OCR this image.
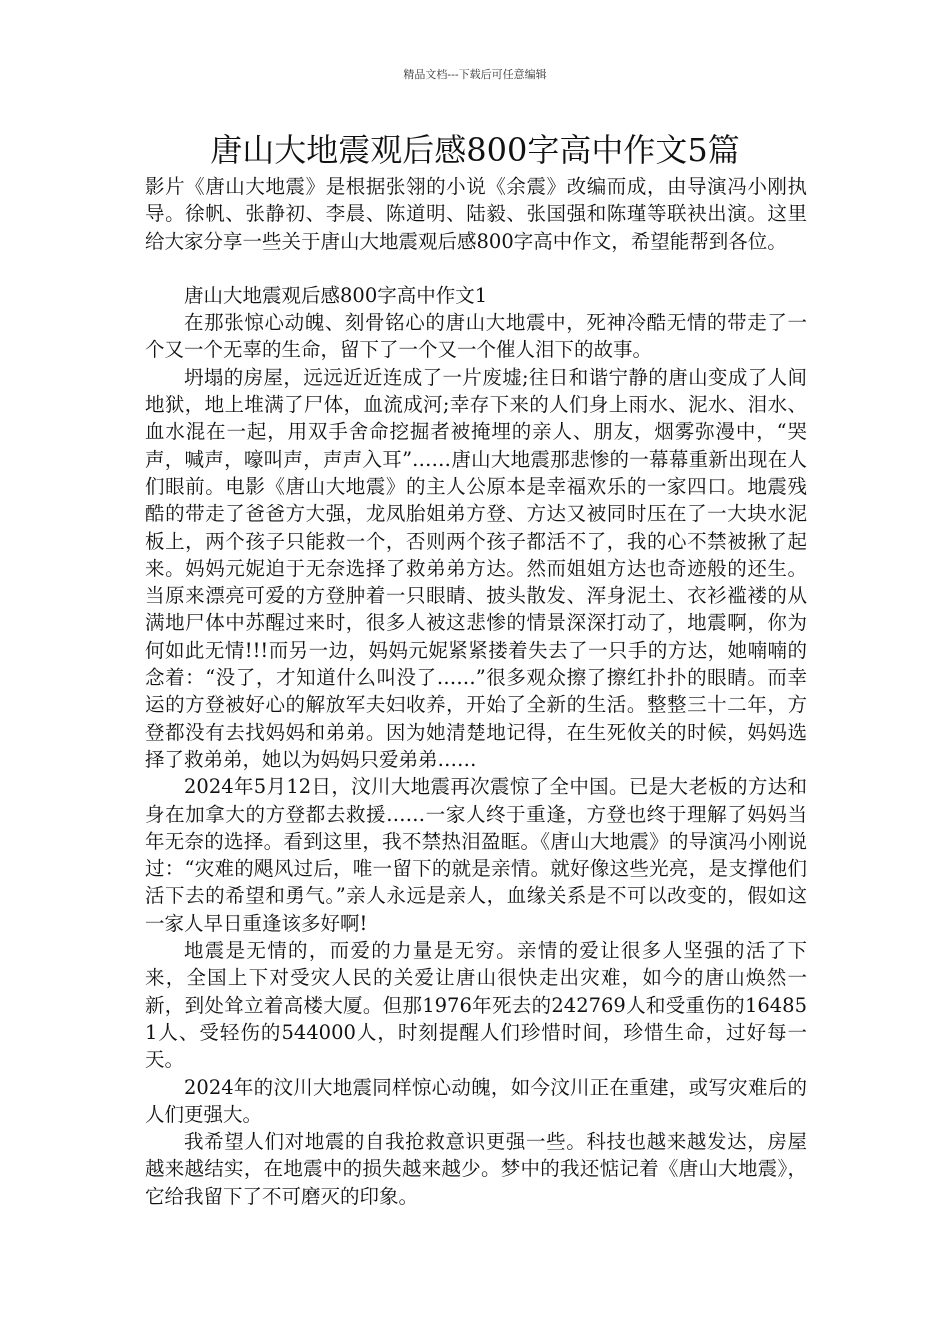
精品文档---下载后可任意编辑
唐山大地震观后感800字高中作文5篇

影片《唐山大地震》是根据张翎的小说《余震》改编而成，由导演冯小刚执导。徐帆、张静初、李晨、陈道明、陆毅、张国强和陈瑾等联袂出演。这里给大家分享一些关于唐山大地震观后感800字高中作文，希望能帮到各位。

唐山大地震观后感800字高中作文1

在那张惊心动魄、刻骨铭心的唐山大地震中，死神冷酷无情的带走了一个又一个无辜的生命，留下了一个又一个催人泪下的故事。

坍塌的房屋，远远近近连成了一片废墟;往日和谐宁静的唐山变成了人间地狱，地上堆满了尸体，血流成河;幸存下来的人们身上雨水、泥水、泪水、血水混在一起，用双手舍命挖掘者被掩埋的亲人、朋友，烟雾弥漫中，“哭声，喊声，嚎叫声，声声入耳”……唐山大地震那悲惨的一幕幕重新出现在人们眼前。电影《唐山大地震》的主人公原本是幸福欢乐的一家四口。地震残酷的带走了爸爸方大强，龙凤胎姐弟方登、方达又被同时压在了一大块水泥板上，两个孩子只能救一个，否则两个孩子都活不了，我的心不禁被揪了起来。妈妈元妮迫于无奈选择了救弟弟方达。然而姐姐方达也奇迹般的还生。当原来漂亮可爱的方登肿着一只眼睛、披头散发、浑身泥土、衣衫褴褛的从满地尸体中苏醒过来时，很多人被这悲惨的情景深深打动了，地震啊，你为何如此无情!!!而另一边，妈妈元妮紧紧搂着失去了一只手的方达，她喃喃的念着：“没了，才知道什么叫没了……”很多观众擦了擦红扑扑的眼睛。而幸运的方登被好心的解放军夫妇收养，开始了全新的生活。整整三十二年，方登都没有去找妈妈和弟弟。因为她清楚地记得，在生死攸关的时候，妈妈选择了救弟弟，她以为妈妈只爱弟弟……

2024年5月12日，汶川大地震再次震惊了全中国。已是大老板的方达和身在加拿大的方登都去救援……一家人终于重逢，方登也终于理解了妈妈当年无奈的选择。看到这里，我不禁热泪盈眶。《唐山大地震》的导演冯小刚说过：“灾难的飓风过后，唯一留下的就是亲情。就好像这些光亮，是支撑他们活下去的希望和勇气。”亲人永远是亲人，血缘关系是不可以改变的，假如这一家人早日重逢该多好啊!

地震是无情的，而爱的力量是无穷。亲情的爱让很多人坚强的活了下来，全国上下对受灾人民的关爱让唐山很快走出灾难，如今的唐山焕然一新，到处耸立着高楼大厦。但那1976年死去的242769人和受重伤的164851人、受轻伤的544000人，时刻提醒人们珍惜时间，珍惜生命，过好每一天。

2024年的汶川大地震同样惊心动魄，如今汶川正在重建，或写灾难后的人们更强大。

我希望人们对地震的自我抢救意识更强一些。科技也越来越发达，房屋越来越结实，在地震中的损失越来越少。梦中的我还惦记着《唐山大地震》，它给我留下了不可磨灭的印象。
